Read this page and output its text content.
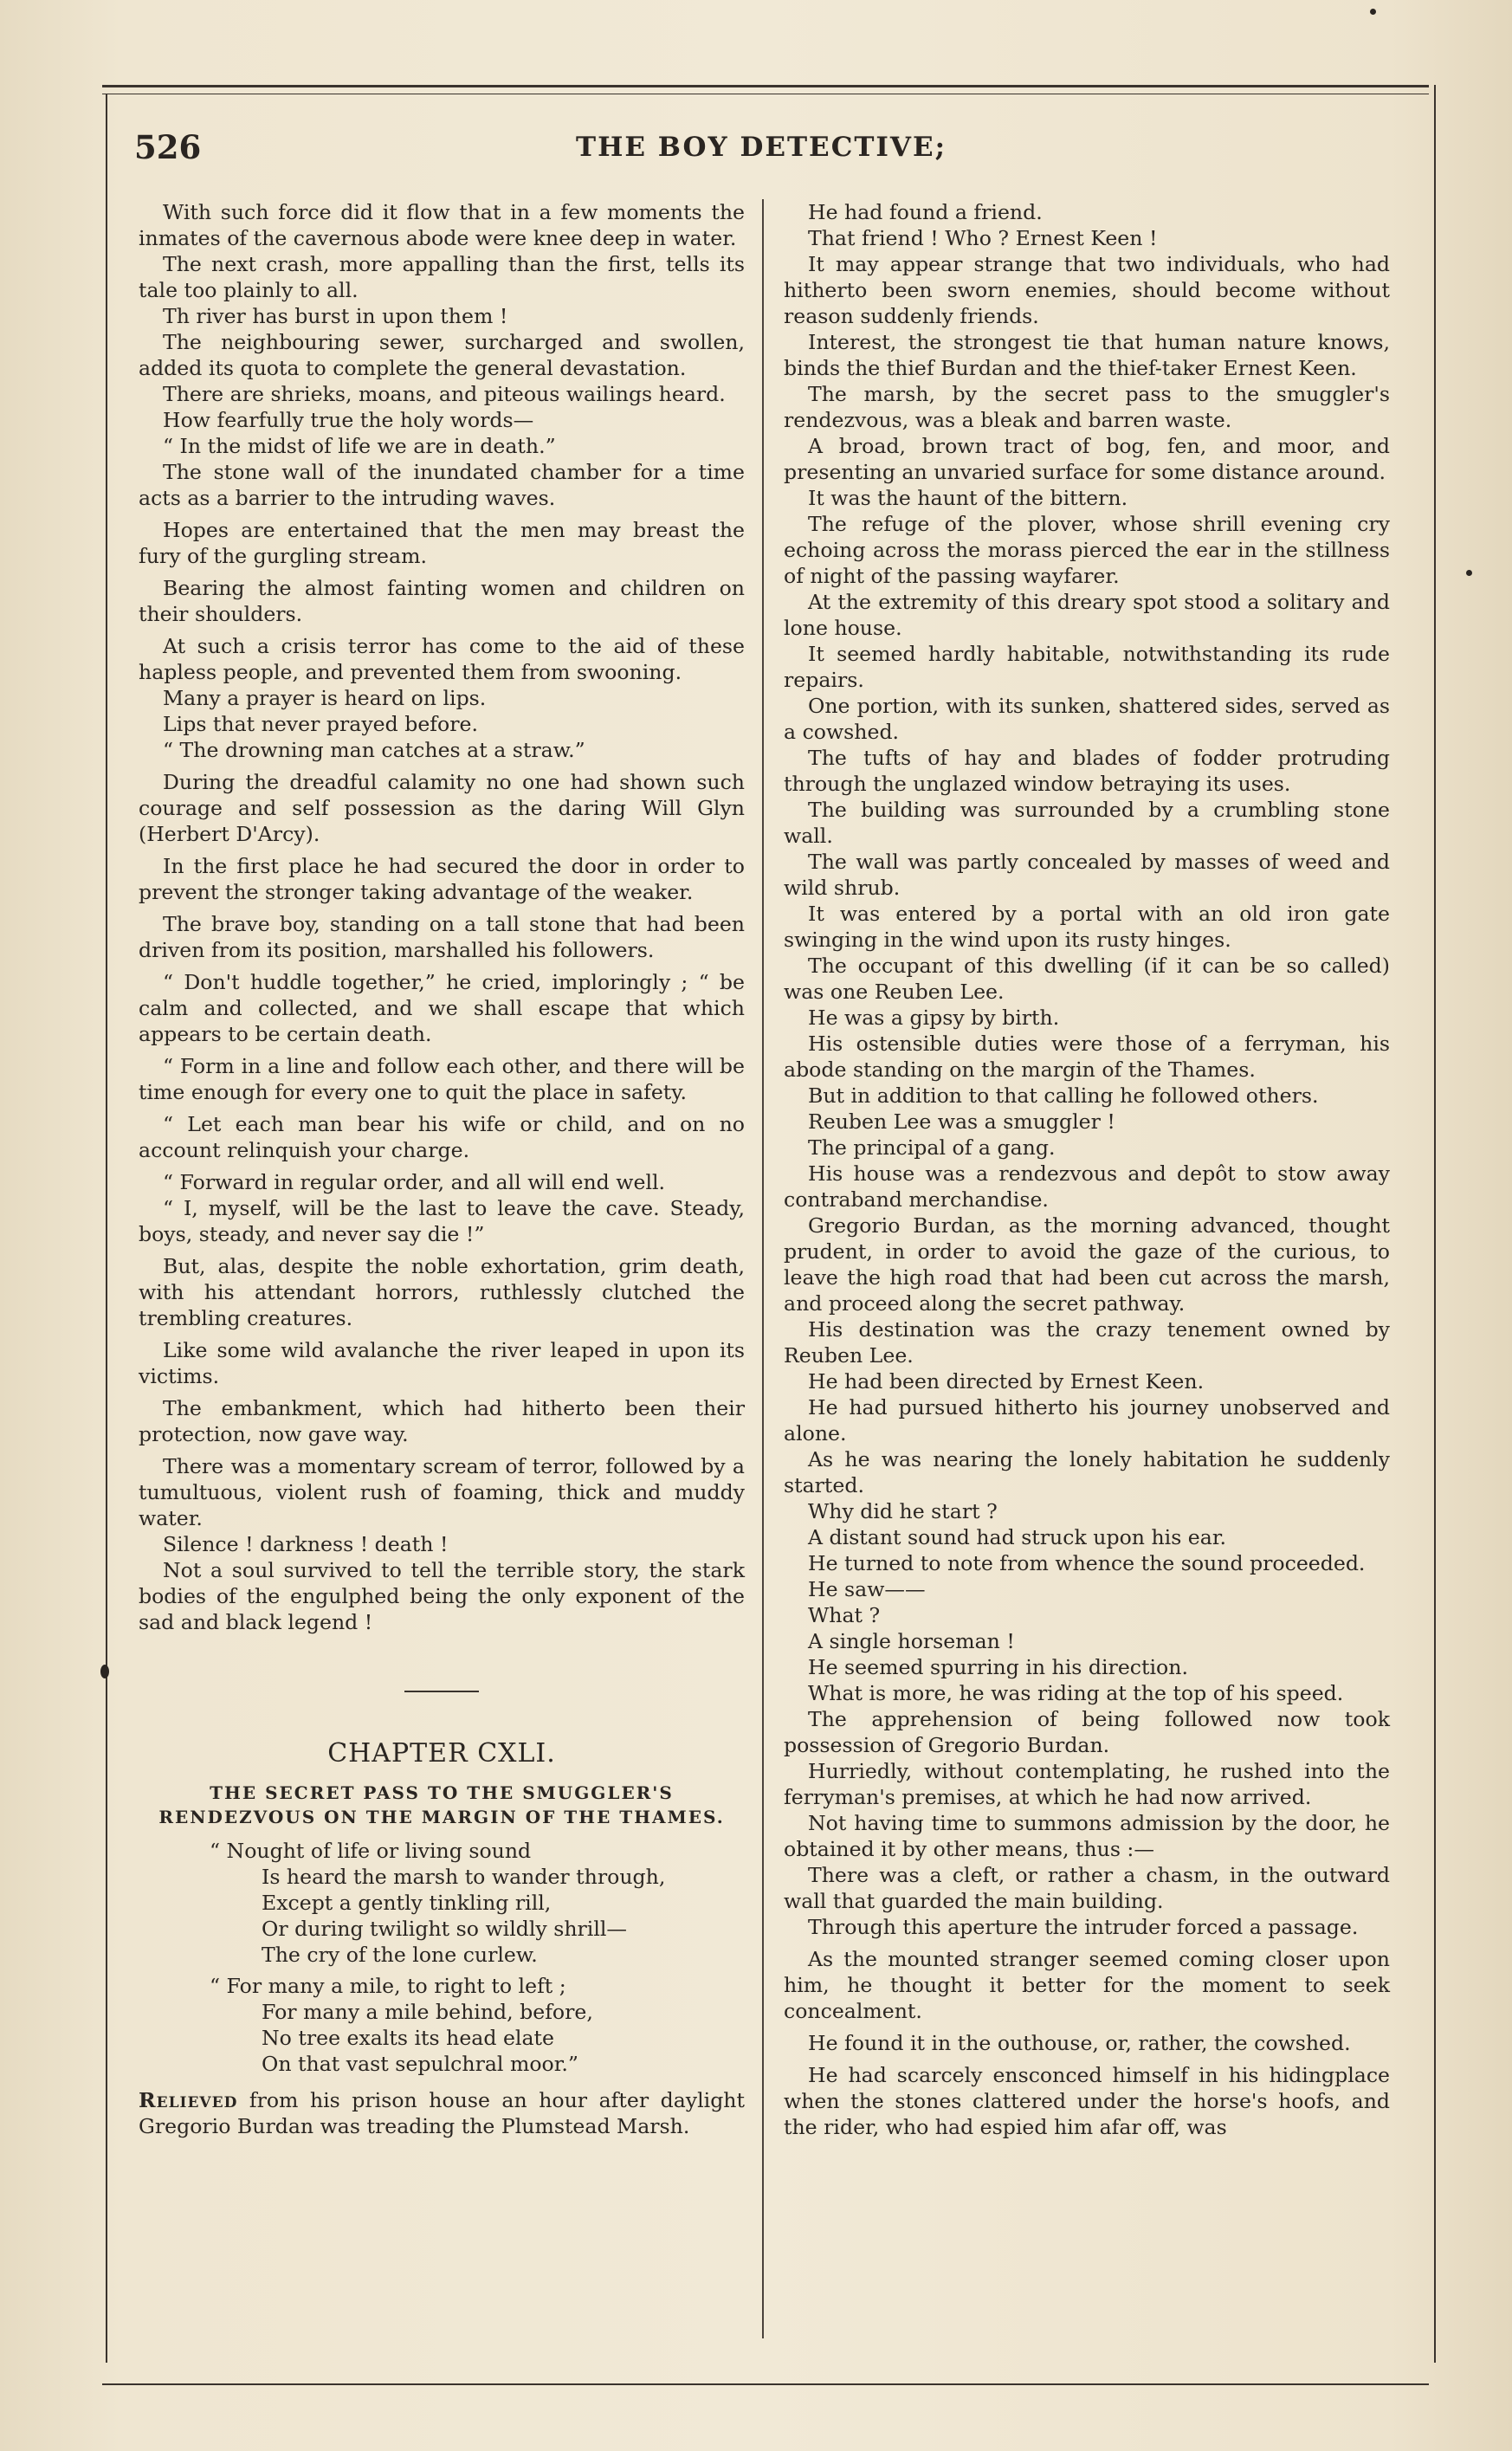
526	THE BOY DETECTIVE;

With such force did it flow that in a few moments the inmates of the cavernous abode were knee deep in water.

The next crash, more appalling than the first, tells its tale too plainly to all.

Th river has burst in upon them !

The neighbouring sewer, surcharged and swollen, added its quota to complete the general devastation.

There are shrieks, moans, and piteous wailings heard.

How fearfully true the holy words—

“ In the midst of life we are in death.”

The stone wall of the inundated chamber for a time acts as a barrier to the intruding waves.

Hopes are entertained that the men may breast the fury of the gurgling stream.

Bearing the almost fainting women and children on their shoulders.

At such a crisis terror has come to the aid of these hapless people, and prevented them from swooning.

Many a prayer is heard on lips.

Lips that never prayed before.

“ The drowning man catches at a straw.”

During the dreadful calamity no one had shown such courage and self possession as the daring Will Glyn (Herbert D'Arcy).

In the first place he had secured the door in order to prevent the stronger taking advantage of the weaker.

The brave boy, standing on a tall stone that had been driven from its position, marshalled his followers.

“ Don't huddle together,” he cried, imploringly ; “ be calm and collected, and we shall escape that which appears to be certain death.

“ Form in a line and follow each other, and there will be time enough for every one to quit the place in safety.

“ Let each man bear his wife or child, and on no account relinquish your charge.

“ Forward in regular order, and all will end well.

“ I, myself, will be the last to leave the cave. Steady, boys, steady, and never say die !”

But, alas, despite the noble exhortation, grim death, with his attendant horrors, ruthlessly clutched the trembling creatures.

Like some wild avalanche the river leaped in upon its victims.

The embankment, which had hitherto been their protection, now gave way.

There was a momentary scream of terror, followed by a tumultuous, violent rush of foaming, thick and muddy water.

Silence ! darkness ! death !

Not a soul survived to tell the terrible story, the stark bodies of the engulphed being the only exponent of the sad and black legend !

CHAPTER CXLI.
THE SECRET PASS TO THE SMUGGLER'S RENDEZVOUS ON THE MARGIN OF THE THAMES.
“ Nought of life or living sound
Is heard the marsh to wander through,
Except a gently tinkling rill,
Or during twilight so wildly shrill—
The cry of the lone curlew.
“ For many a mile, to right to left ;
For many a mile behind, before,
No tree exalts its head elate
On that vast sepulchral moor.”

Relieved from his prison house an hour after daylight Gregorio Burdan was treading the Plumstead Marsh.

He had found a friend.

That friend ! Who ? Ernest Keen !

It may appear strange that two individuals, who had hitherto been sworn enemies, should become without reason suddenly friends.

Interest, the strongest tie that human nature knows, binds the thief Burdan and the thief-taker Ernest Keen.

The marsh, by the secret pass to the smuggler's rendezvous, was a bleak and barren waste.

A broad, brown tract of bog, fen, and moor, and presenting an unvaried surface for some distance around.

It was the haunt of the bittern.

The refuge of the plover, whose shrill evening cry echoing across the morass pierced the ear in the stillness of night of the passing wayfarer.

At the extremity of this dreary spot stood a solitary and lone house.

It seemed hardly habitable, notwithstanding its rude repairs.

One portion, with its sunken, shattered sides, served as a cowshed.

The tufts of hay and blades of fodder protruding through the unglazed window betraying its uses.

The building was surrounded by a crumbling stone wall.

The wall was partly concealed by masses of weed and wild shrub.

It was entered by a portal with an old iron gate swinging in the wind upon its rusty hinges.

The occupant of this dwelling (if it can be so called) was one Reuben Lee.

He was a gipsy by birth.

His ostensible duties were those of a ferryman, his abode standing on the margin of the Thames.

But in addition to that calling he followed others.

Reuben Lee was a smuggler !

The principal of a gang.

His house was a rendezvous and depôt to stow away contraband merchandise.

Gregorio Burdan, as the morning advanced, thought prudent, in order to avoid the gaze of the curious, to leave the high road that had been cut across the marsh, and proceed along the secret pathway.

His destination was the crazy tenement owned by Reuben Lee.

He had been directed by Ernest Keen.

He had pursued hitherto his journey unobserved and alone.

As he was nearing the lonely habitation he suddenly started.

Why did he start ?

A distant sound had struck upon his ear.

He turned to note from whence the sound proceeded.

He saw——

What ?

A single horseman !

He seemed spurring in his direction.

What is more, he was riding at the top of his speed.

The apprehension of being followed now took possession of Gregorio Burdan.

Hurriedly, without contemplating, he rushed into the ferryman's premises, at which he had now arrived.

Not having time to summons admission by the door, he obtained it by other means, thus :—

There was a cleft, or rather a chasm, in the outward wall that guarded the main building.

Through this aperture the intruder forced a passage.

As the mounted stranger seemed coming closer upon him, he thought it better for the moment to seek concealment.

He found it in the outhouse, or, rather, the cowshed.

He had scarcely ensconced himself in his hidingplace when the stones clattered under the horse's hoofs, and the rider, who had espied him afar off, was
